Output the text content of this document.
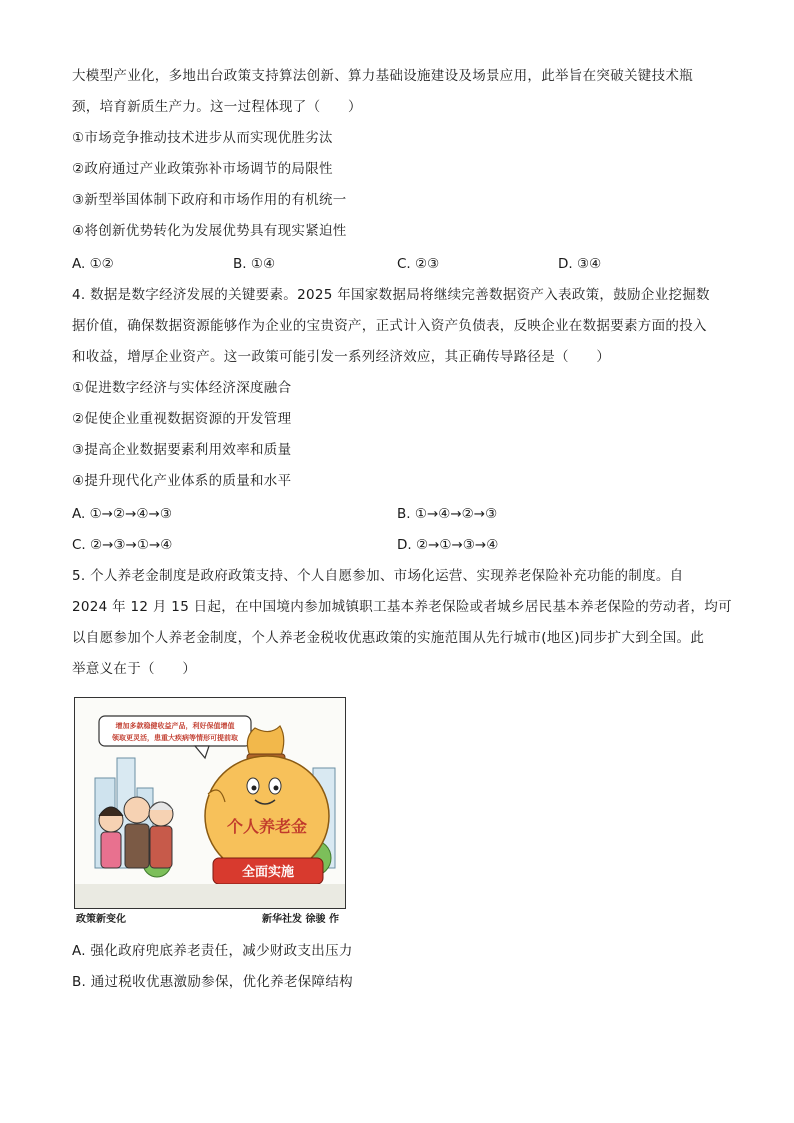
大模型产业化，多地出台政策支持算法创新、算力基础设施建设及场景应用，此举旨在突破关键技术瓶
颈，培育新质生产力。这一过程体现了（　　）
①市场竞争推动技术进步从而实现优胜劣汰
②政府通过产业政策弥补市场调节的局限性
③新型举国体制下政府和市场作用的有机统一
④将创新优势转化为发展优势具有现实紧迫性
A. ①②	B. ①④	C. ②③	D. ③④
4. 数据是数字经济发展的关键要素。2025 年国家数据局将继续完善数据资产入表政策，鼓励企业挖掘数
据价值，确保数据资源能够作为企业的宝贵资产，正式计入资产负债表，反映企业在数据要素方面的投入
和收益，增厚企业资产。这一政策可能引发一系列经济效应，其正确传导路径是（　　）
①促进数字经济与实体经济深度融合
②促使企业重视数据资源的开发管理
③提高企业数据要素利用效率和质量
④提升现代化产业体系的质量和水平
A. ①→②→④→③	B. ①→④→②→③
C. ②→③→①→④	D. ②→①→③→④
5. 个人养老金制度是政府政策支持、个人自愿参加、市场化运营、实现养老保险补充功能的制度。自
2024 年 12 月 15 日起，在中国境内参加城镇职工基本养老保险或者城乡居民基本养老保险的劳动者，均可
以自愿参加个人养老金制度，个人养老金税收优惠政策的实施范围从先行城市(地区)同步扩大到全国。此
举意义在于（　　）
增加多款稳健收益产品，利好保值增值
领取更灵活，患重大疾病等情形可提前取
个人养老金
全面实施
政策新变化	新华社发 徐骏 作
A. 强化政府兜底养老责任，减少财政支出压力
B. 通过税收优惠激励参保，优化养老保障结构
